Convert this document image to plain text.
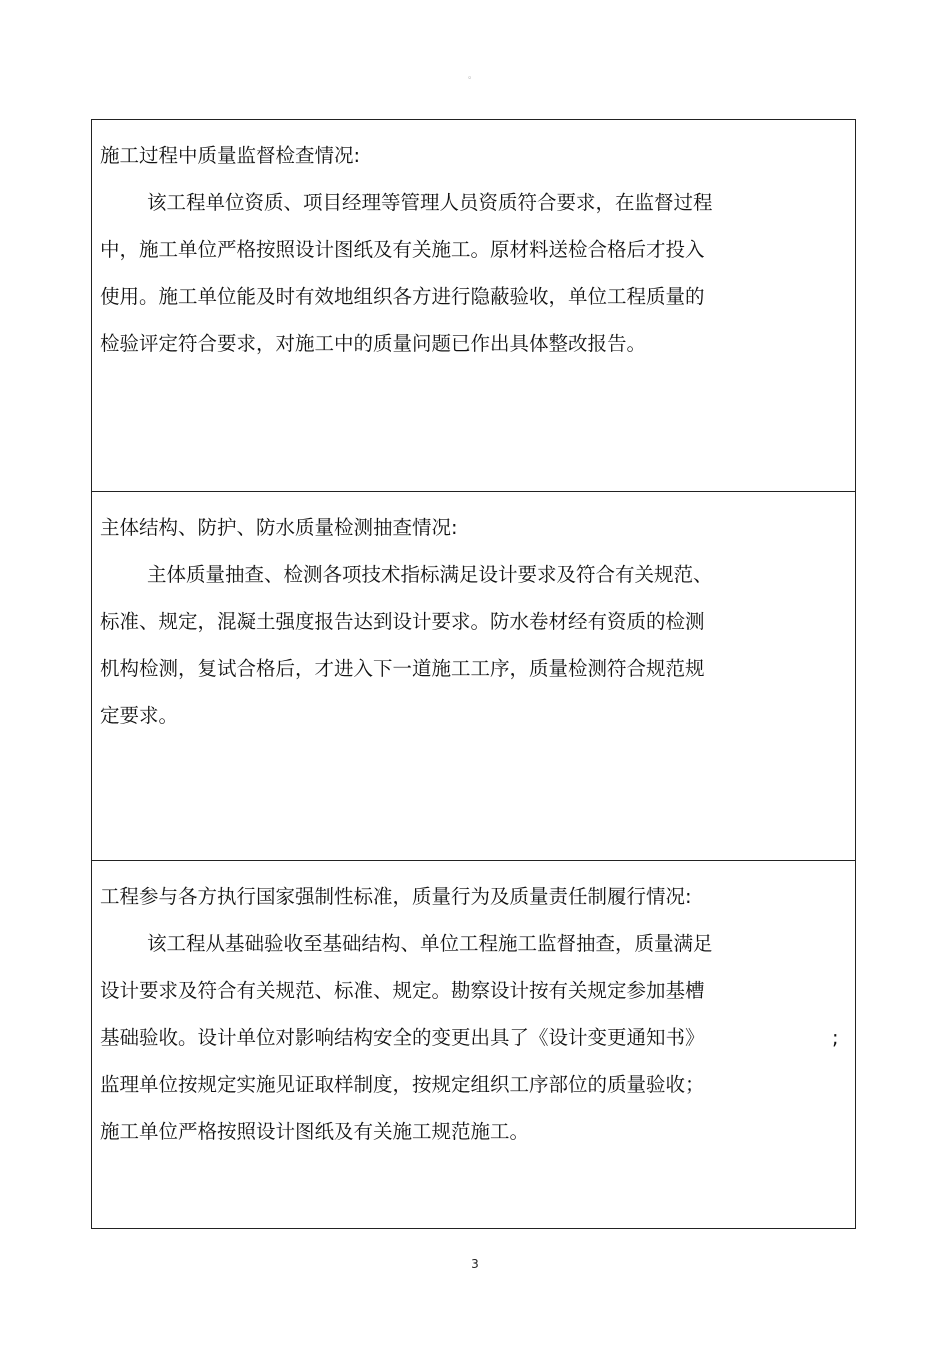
。
施工过程中质量监督检查情况:
该工程单位资质、项目经理等管理人员资质符合要求，在监督过程
中，施工单位严格按照设计图纸及有关施工。原材料送检合格后才投入
使用。施工单位能及时有效地组织各方进行隐蔽验收，单位工程质量的
检验评定符合要求，对施工中的质量问题已作出具体整改报告。
主体结构、防护、防水质量检测抽查情况:
主体质量抽查、检测各项技术指标满足设计要求及符合有关规范、
标准、规定，混凝土强度报告达到设计要求。防水卷材经有资质的检测
机构检测，复试合格后，才进入下一道施工工序，质量检测符合规范规
定要求。
工程参与各方执行国家强制性标准，质量行为及质量责任制履行情况:
该工程从基础验收至基础结构、单位工程施工监督抽查，质量满足
设计要求及符合有关规范、标准、规定。勘察设计按有关规定参加基槽
基础验收。设计单位对影响结构安全的变更出具了《设计变更通知书》	;
监理单位按规定实施见证取样制度，按规定组织工序部位的质量验收；
施工单位严格按照设计图纸及有关施工规范施工。
3
